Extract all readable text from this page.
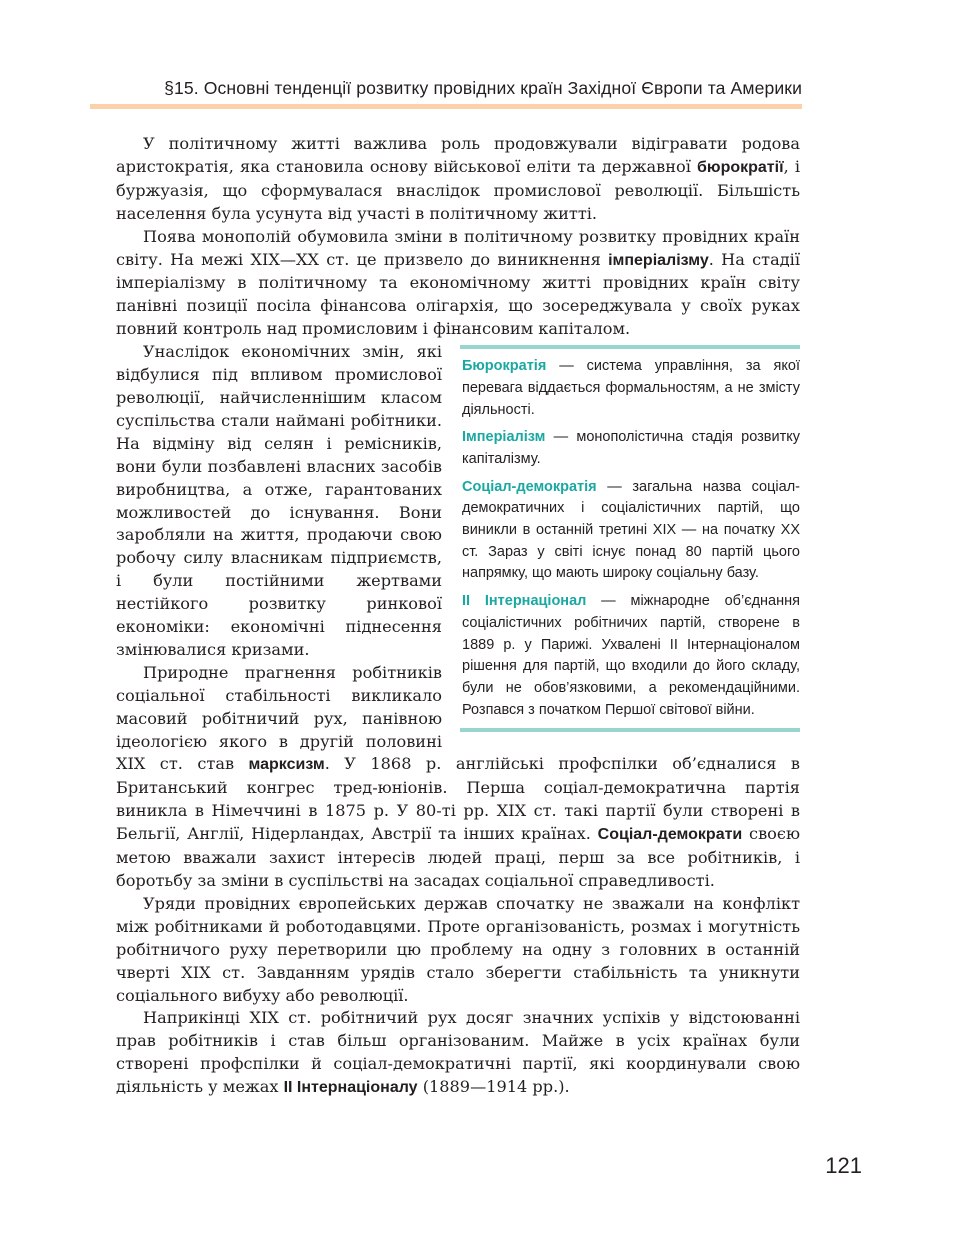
§15. Основні тенденції розвитку провідних країн Західної Європи та Америки

У політичному житті важлива роль продовжували відігравати родова аристократія, яка становила основу військової еліти та державної бюрократії, і буржуазія, що сформувалася внаслідок промислової революції. Більшість населення була усунута від участі в політичному житті.

Поява монополій обумовила зміни в політичному розвитку провідних країн світу. На межі XIX—XX ст. це призвело до виникнення імперіалізму. На стадії імперіалізму в політичному та економічному житті провідних країн світу панівні позиції посіла фінансова олігархія, що зосереджувала у своїх руках повний контроль над промисловим і фінансовим капіталом.

Бюрократія — система управління, за якої перевага віддається формальностям, а не змісту діяльності.
Імперіалізм — монополістична стадія розвитку капіталізму.
Соціал-демократія — загальна назва соціал-демократичних і соціалістичних партій, що виникли в останній третині XIX — на початку XX ст. Зараз у світі існує понад 80 партій цього напрямку, що мають широку соціальну базу.
ІІ Інтернаціонал — міжнародне об’єднання соціалістичних робітничих партій, створене в 1889 р. у Парижі. Ухвалені ІІ Інтернаціоналом рішення для партій, що входили до його складу, були не обов’язковими, а рекомендаційними. Розпався з початком Першої світової війни.

Унаслідок економічних змін, які відбулися під впливом промислової революції, найчисленнішим класом суспільства стали наймані робітники. На відміну від селян і ремісників, вони були позбавлені власних засобів виробництва, а отже, гарантованих можливостей до існування. Вони заробляли на життя, продаючи свою робочу силу власникам підприємств, і були постійними жертвами нестійкого розвитку ринкової економіки: економічні піднесення змінювалися кризами.

Природне прагнення робітників соціальної стабільності викликало масовий робітничий рух, панівною ідеологією якого в другій половині XIX ст. став марксизм. У 1868 р. англійські профспілки об’єдналися в Британський конгрес тред-юніонів. Перша соціал-демократична партія виникла в Німеччині в 1875 р. У 80-ті рр. XIX ст. такі партії були створені в Бельгії, Англії, Нідерландах, Австрії та інших країнах. Соціал-демократи своєю метою вважали захист інтересів людей праці, перш за все робітників, і боротьбу за зміни в суспільстві на засадах соціальної справедливості.

Уряди провідних європейських держав спочатку не зважали на конфлікт між робітниками й роботодавцями. Проте організованість, розмах і могутність робітничого руху перетворили цю проблему на одну з головних в останній чверті XIX ст. Завданням урядів стало зберегти стабільність та уникнути соціального вибуху або революції.

Наприкінці XIX ст. робітничий рух досяг значних успіхів у відстоюванні прав робітників і став більш організованим. Майже в усіх країнах були створені профспілки й соціал-демократичні партії, які координували свою діяльність у межах ІІ Інтернаціоналу (1889—1914 рр.).

121
